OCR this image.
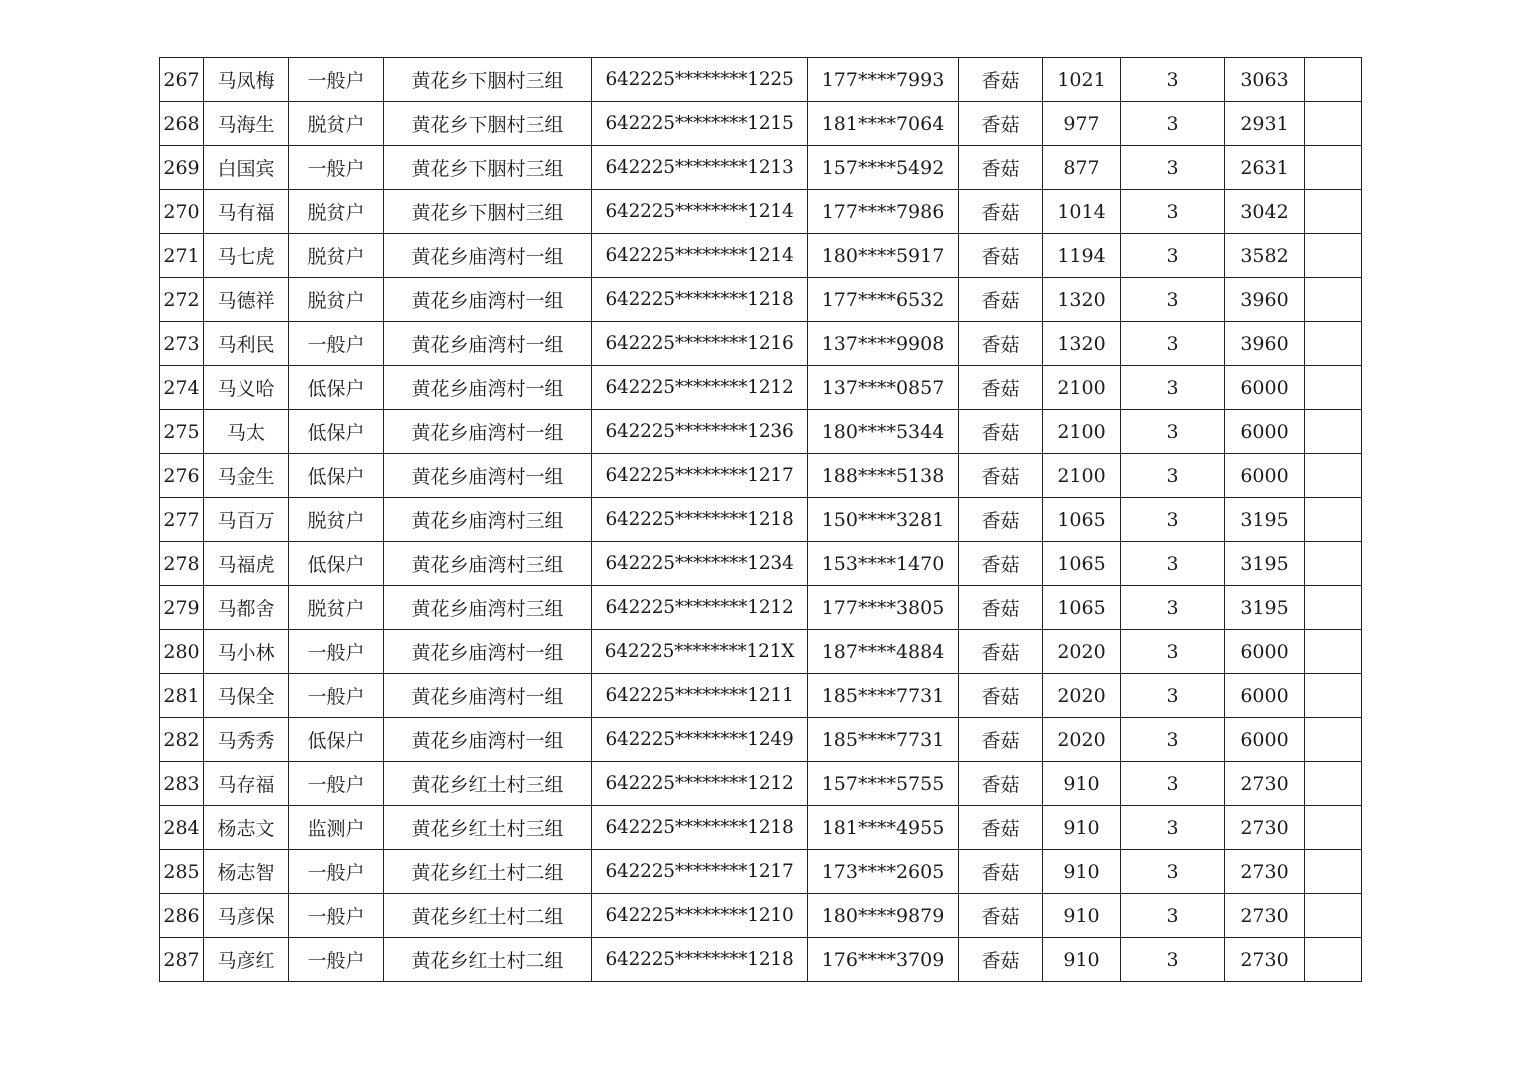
267	马凤梅	一般户	黄花乡下胭村三组	642225********1225	177****7993	香菇	1021	3	3063	
268	马海生	脱贫户	黄花乡下胭村三组	642225********1215	181****7064	香菇	977	3	2931	
269	白国宾	一般户	黄花乡下胭村三组	642225********1213	157****5492	香菇	877	3	2631	
270	马有福	脱贫户	黄花乡下胭村三组	642225********1214	177****7986	香菇	1014	3	3042	
271	马七虎	脱贫户	黄花乡庙湾村一组	642225********1214	180****5917	香菇	1194	3	3582	
272	马德祥	脱贫户	黄花乡庙湾村一组	642225********1218	177****6532	香菇	1320	3	3960	
273	马利民	一般户	黄花乡庙湾村一组	642225********1216	137****9908	香菇	1320	3	3960	
274	马义哈	低保户	黄花乡庙湾村一组	642225********1212	137****0857	香菇	2100	3	6000	
275	马太	低保户	黄花乡庙湾村一组	642225********1236	180****5344	香菇	2100	3	6000	
276	马金生	低保户	黄花乡庙湾村一组	642225********1217	188****5138	香菇	2100	3	6000	
277	马百万	脱贫户	黄花乡庙湾村三组	642225********1218	150****3281	香菇	1065	3	3195	
278	马福虎	低保户	黄花乡庙湾村三组	642225********1234	153****1470	香菇	1065	3	3195	
279	马都舍	脱贫户	黄花乡庙湾村三组	642225********1212	177****3805	香菇	1065	3	3195	
280	马小林	一般户	黄花乡庙湾村一组	642225********121X	187****4884	香菇	2020	3	6000	
281	马保全	一般户	黄花乡庙湾村一组	642225********1211	185****7731	香菇	2020	3	6000	
282	马秀秀	低保户	黄花乡庙湾村一组	642225********1249	185****7731	香菇	2020	3	6000	
283	马存福	一般户	黄花乡红土村三组	642225********1212	157****5755	香菇	910	3	2730	
284	杨志文	监测户	黄花乡红土村三组	642225********1218	181****4955	香菇	910	3	2730	
285	杨志智	一般户	黄花乡红土村二组	642225********1217	173****2605	香菇	910	3	2730	
286	马彦保	一般户	黄花乡红土村二组	642225********1210	180****9879	香菇	910	3	2730	
287	马彦红	一般户	黄花乡红土村二组	642225********1218	176****3709	香菇	910	3	2730	
